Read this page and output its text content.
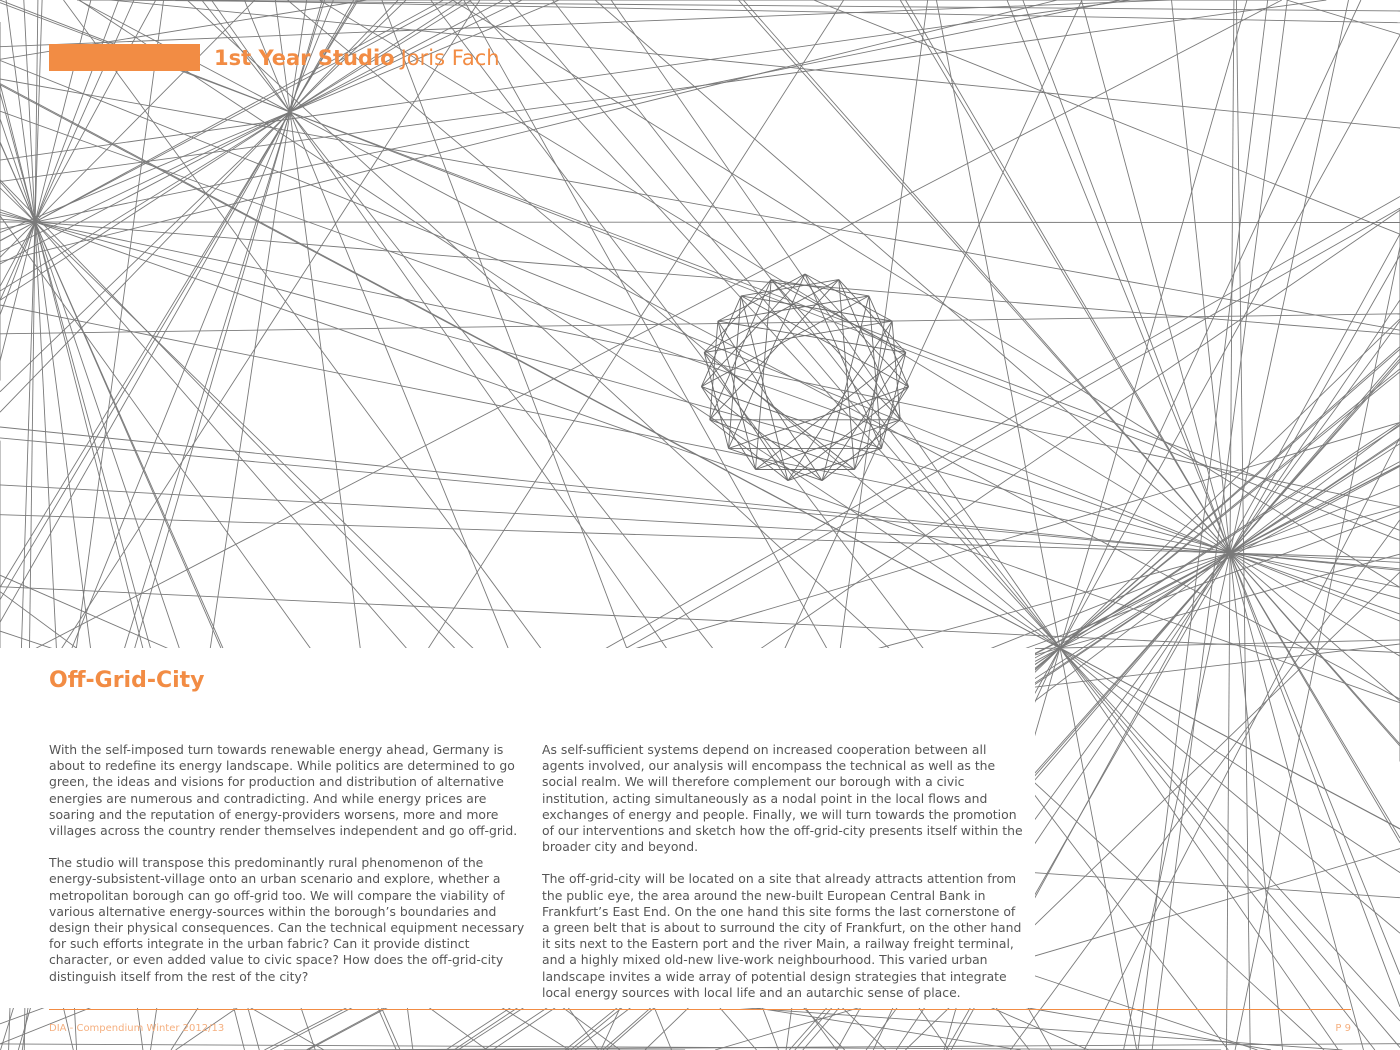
1st Year Studio Joris Fach
Off-Grid-City

With the self-imposed turn towards renewable energy ahead, Germany is about to redefine its energy landscape. While politics are determined to go green, the ideas and visions for production and distribution of alternative energies are numerous and contradicting. And while energy prices are soaring and the reputation of energy-providers worsens, more and more villages across the country render themselves independent and go off-grid.

The studio will transpose this predominantly rural phenomenon of the energy-subsistent-village onto an urban scenario and explore, whether a metropolitan borough can go off-grid too. We will compare the viability of various alternative energy-sources within the borough’s boundaries and design their physical consequences. Can the technical equipment necessary for such efforts integrate in the urban fabric? Can it provide distinct character, or even added value to civic space? How does the off-grid-city distinguish itself from the rest of the city?

As self-sufficient systems depend on increased cooperation between all agents involved, our analysis will encompass the technical as well as the social realm. We will therefore complement our borough with a civic institution, acting simultaneously as a nodal point in the local flows and exchanges of energy and people. Finally, we will turn towards the promotion of our interventions and sketch how the off-grid-city presents itself within the broader city and beyond.

The off-grid-city will be located on a site that already attracts attention from the public eye, the area around the new-built European Central Bank in Frankfurt’s East End. On the one hand this site forms the last cornerstone of a green belt that is about to surround the city of Frankfurt, on the other hand it sits next to the Eastern port and the river Main, a railway freight terminal, and a highly mixed old-new live-work neighbourhood. This varied urban landscape invites a wide array of potential design strategies that integrate local energy sources with local life and an autarchic sense of place.

DIA - Compendium Winter 2012/13	P 9
